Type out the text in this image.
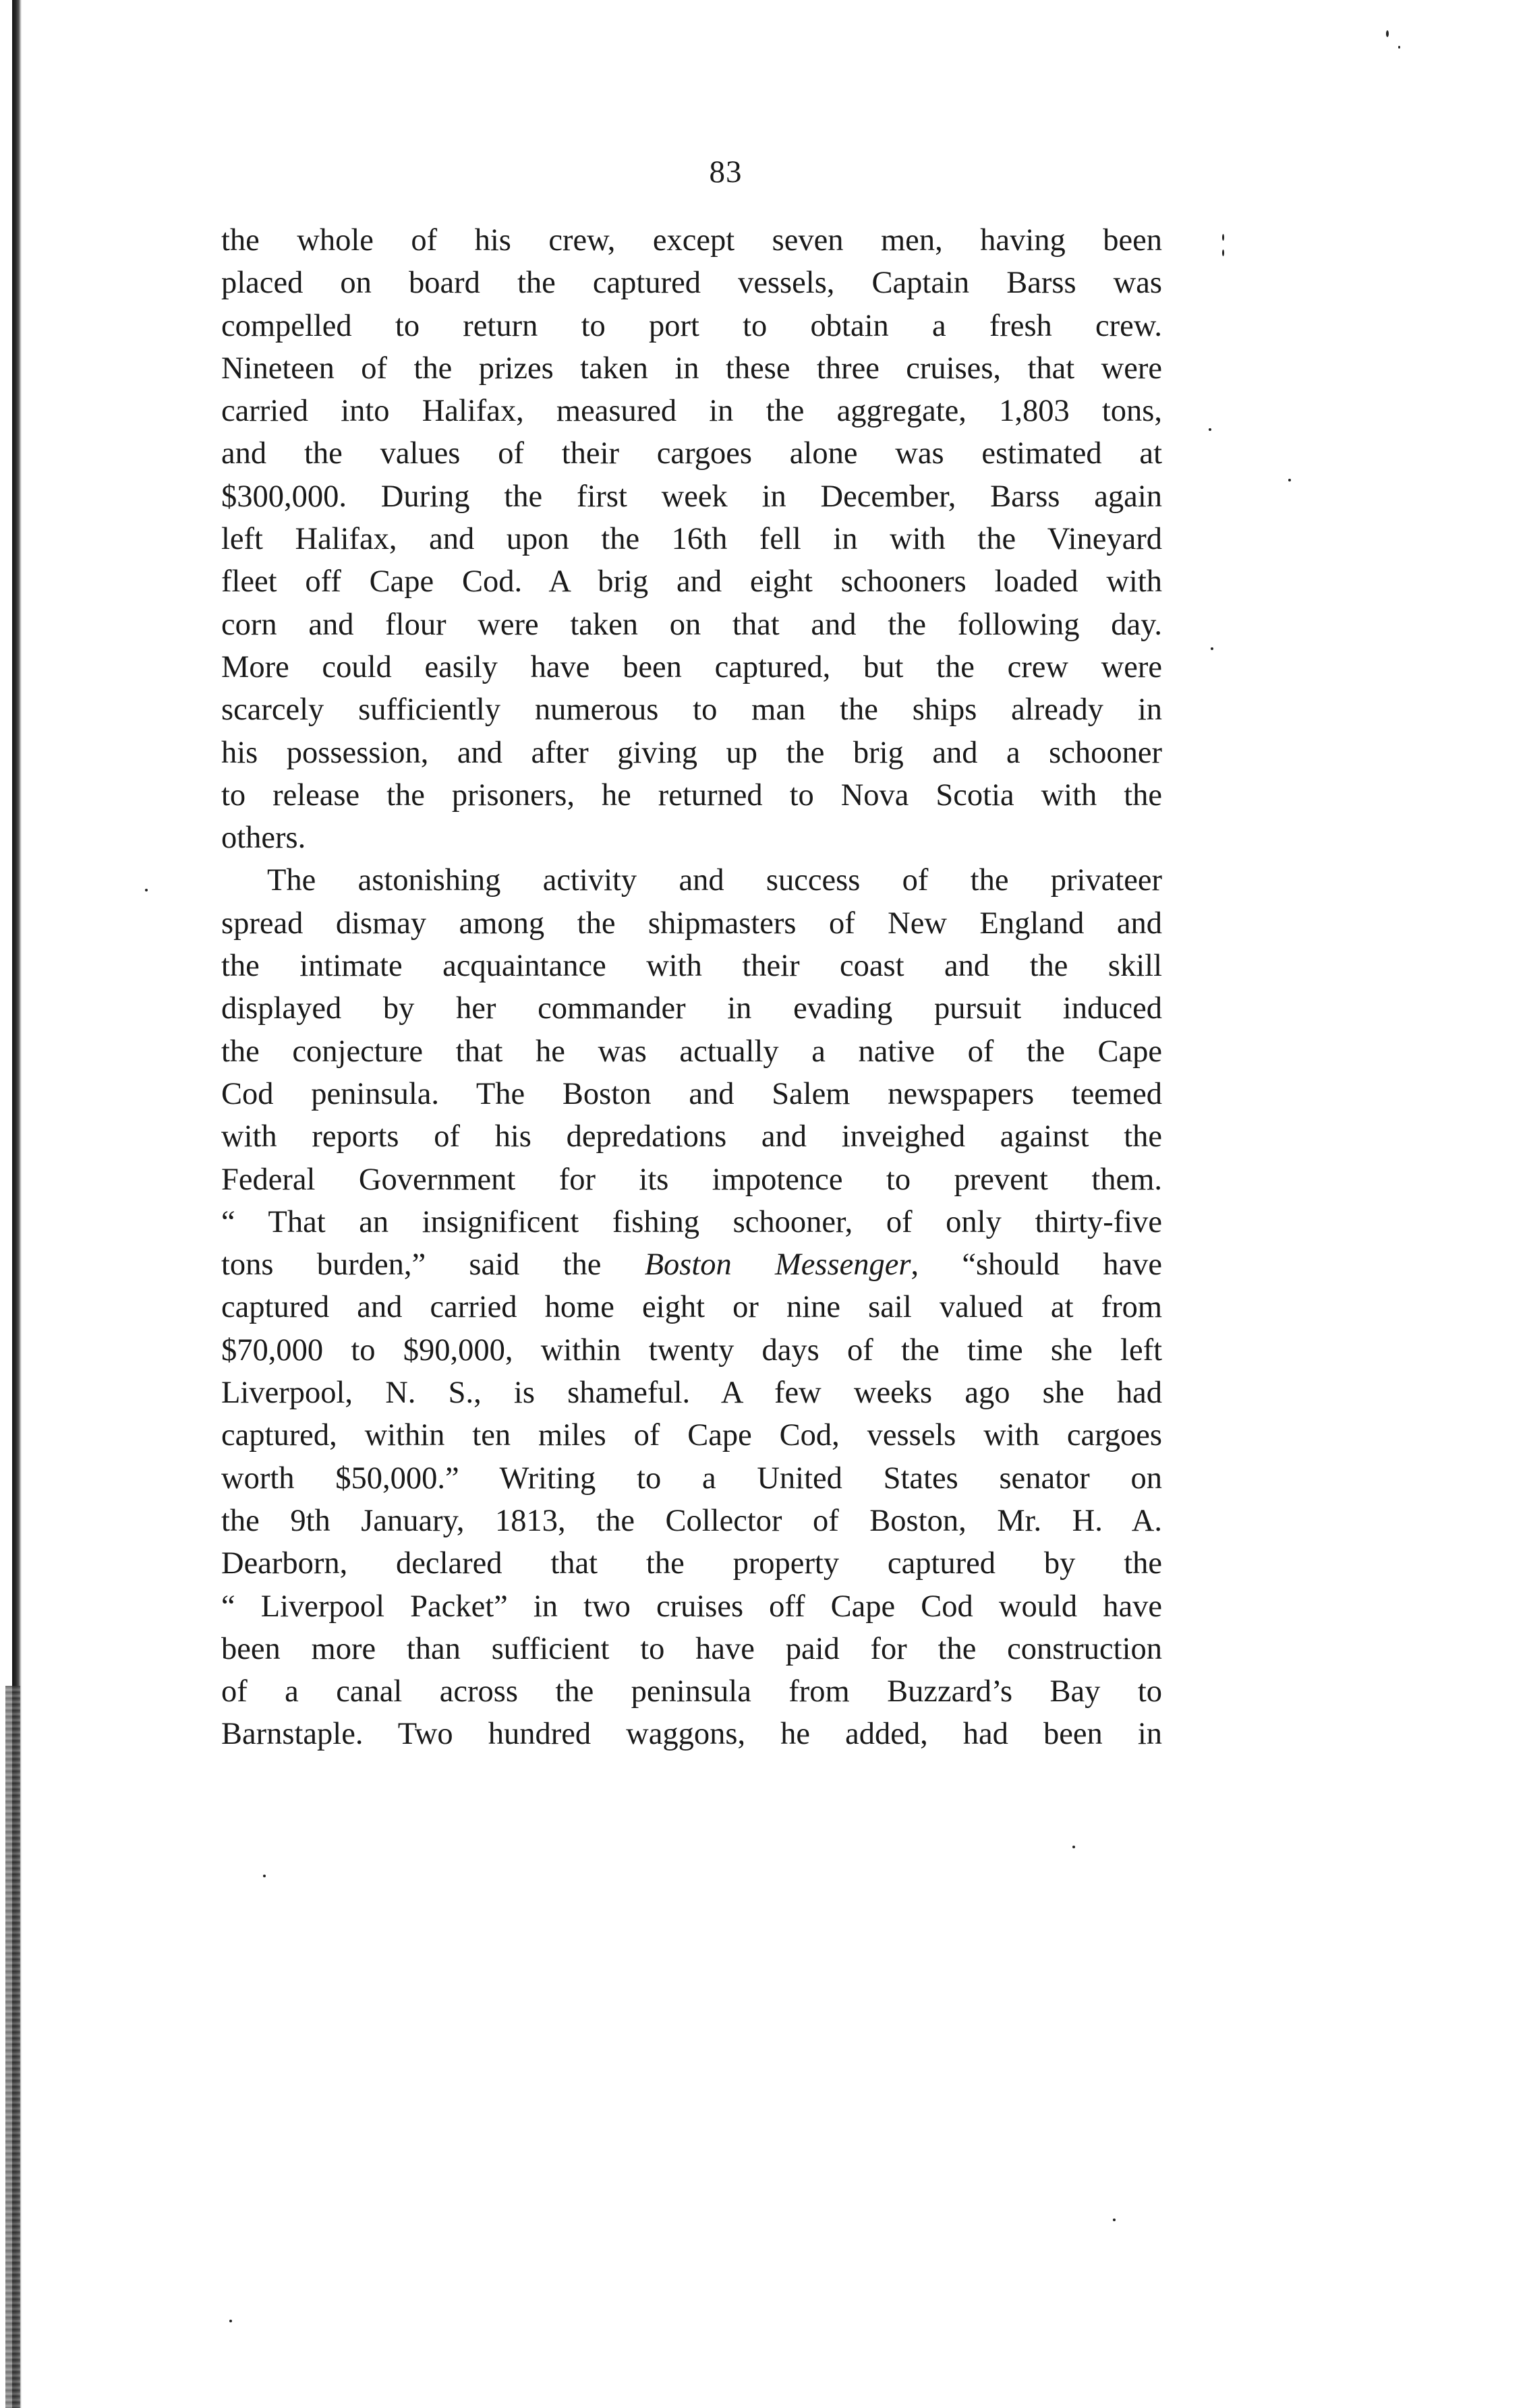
83
the whole of his crew, except seven men, having been
placed on board the captured vessels, Captain Barss was
compelled to return to port to obtain a fresh crew.
Nineteen of the prizes taken in these three cruises, that were
carried into Halifax, measured in the aggregate, 1,803 tons,
and the values of their cargoes alone was estimated at
$300,000. During the first week in December, Barss again
left Halifax, and upon the 16th fell in with the Vineyard
fleet off Cape Cod. A brig and eight schooners loaded with
corn and flour were taken on that and the following day.
More could easily have been captured, but the crew were
scarcely sufficiently numerous to man the ships already in
his possession, and after giving up the brig and a schooner
to release the prisoners, he returned to Nova Scotia with the
others.
The astonishing activity and success of the privateer
spread dismay among the shipmasters of New England and
the intimate acquaintance with their coast and the skill
displayed by her commander in evading pursuit induced
the conjecture that he was actually a native of the Cape
Cod peninsula. The Boston and Salem newspapers teemed
with reports of his depredations and inveighed against the
Federal Government for its impotence to prevent them.
“ That an insignificent fishing schooner, of only thirty-five
tons burden,” said the Boston Messenger, “should have
captured and carried home eight or nine sail valued at from
$70,000 to $90,000, within twenty days of the time she left
Liverpool, N. S., is shameful. A few weeks ago she had
captured, within ten miles of Cape Cod, vessels with cargoes
worth $50,000.” Writing to a United States senator on
the 9th January, 1813, the Collector of Boston, Mr. H. A.
Dearborn, declared that the property captured by the
“ Liverpool Packet” in two cruises off Cape Cod would have
been more than sufficient to have paid for the construction
of a canal across the peninsula from Buzzard’s Bay to
Barnstaple. Two hundred waggons, he added, had been in
